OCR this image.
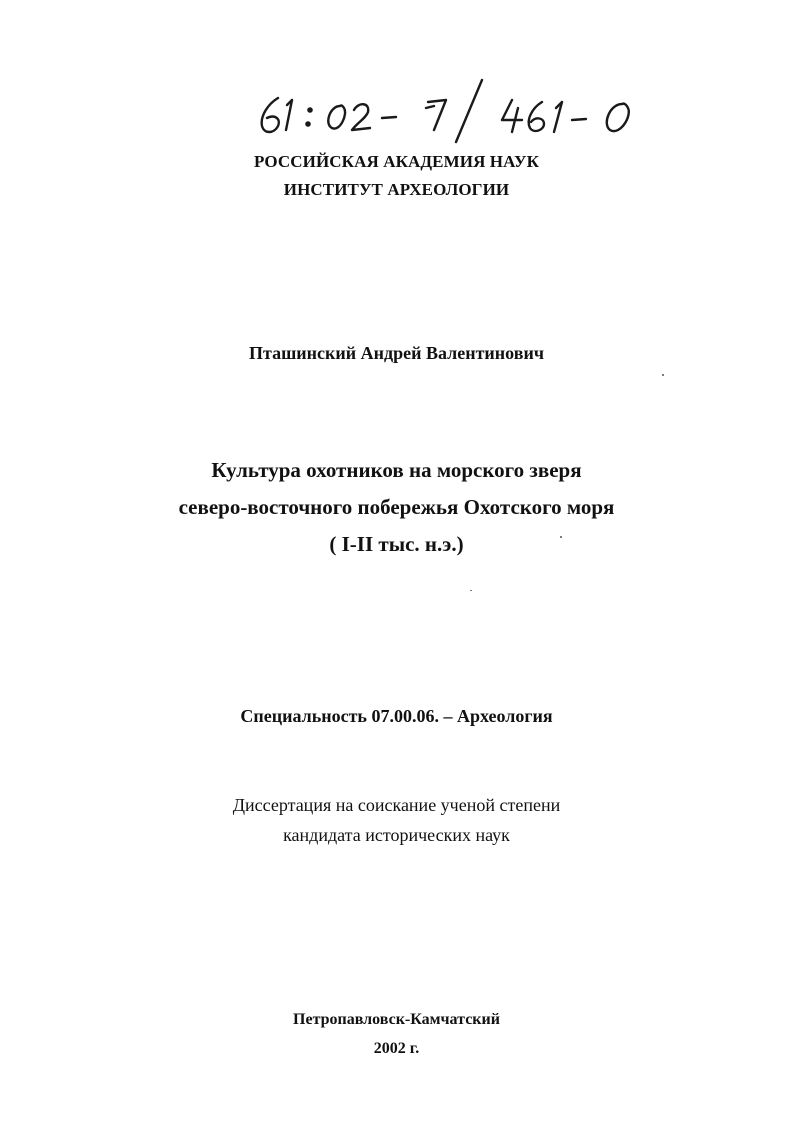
РОССИЙСКАЯ АКАДЕМИЯ НАУК
ИНСТИТУТ АРХЕОЛОГИИ
Пташинский Андрей Валентинович
Культура охотников на морского зверя
северо-восточного побережья Охотского моря
( I-II тыс. н.э.)
Специальность 07.00.06. – Археология
Диссертация на соискание ученой степени
кандидата исторических наук
Петропавловск-Камчатский
2002 г.
